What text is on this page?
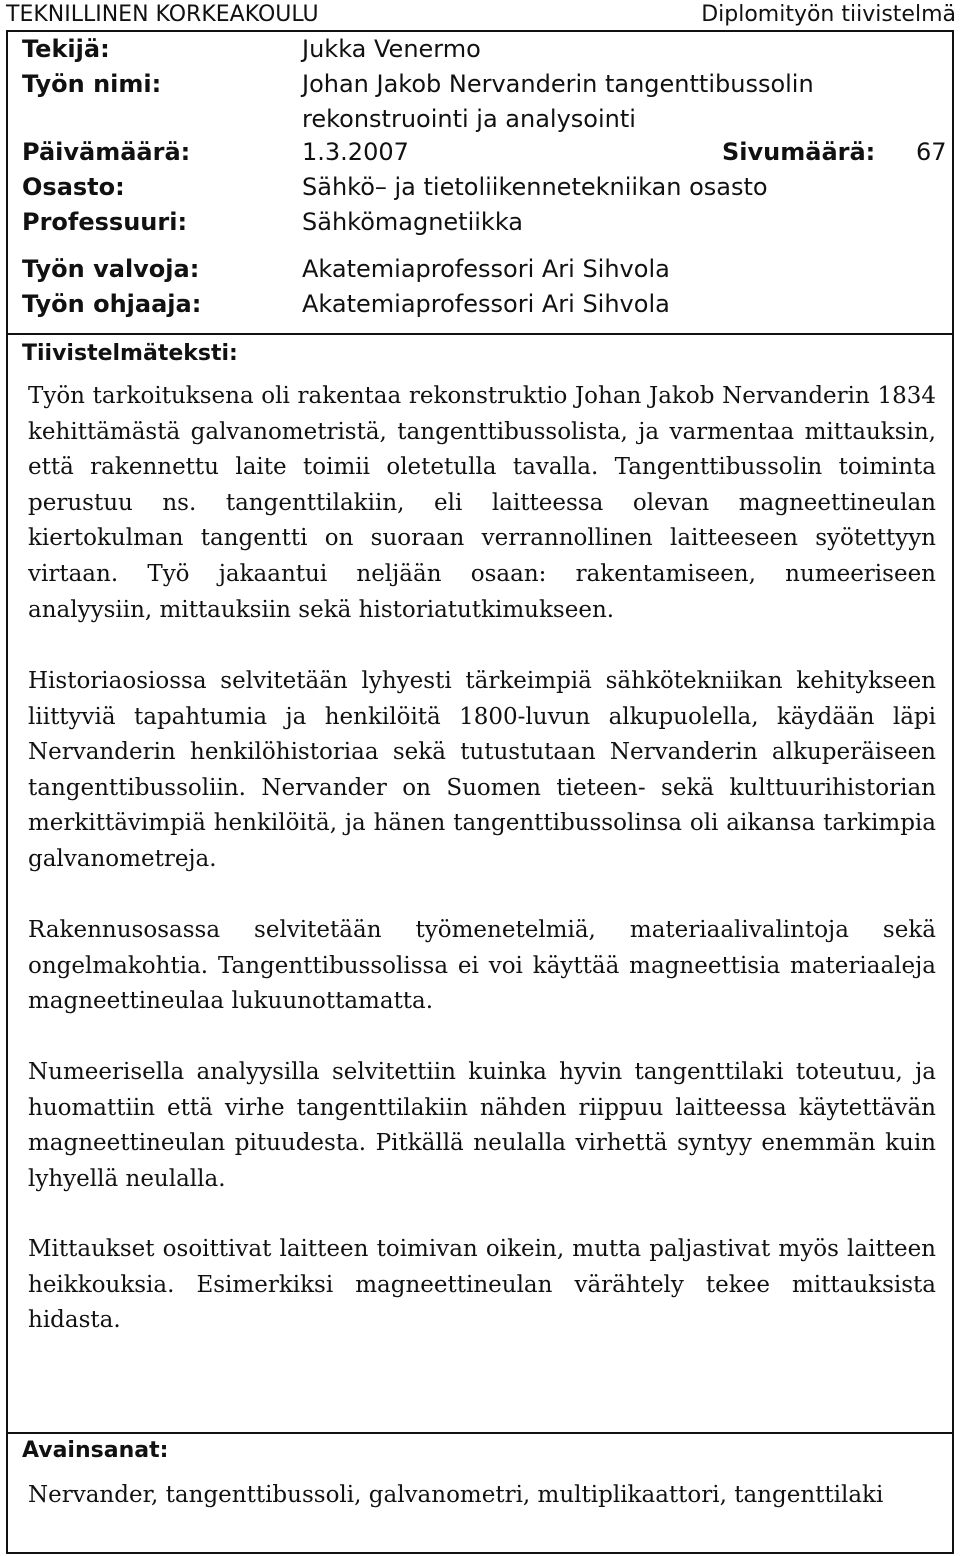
TEKNILLINEN KORKEAKOULU	Diplomityön tiivistelmä
Tekijä:	Jukka Venermo
Työn nimi:	Johan Jakob Nervanderin tangenttibussolin
rekonstruointi ja analysointi
Päivämäärä:	1.3.2007	Sivumäärä: 67
Osasto:	Sähkö– ja tietoliikennetekniikan osasto
Professuuri:	Sähkömagnetiikka
Työn valvoja:	Akatemiaprofessori Ari Sihvola
Työn ohjaaja:	Akatemiaprofessori Ari Sihvola
Tiivistelmäteksti:
Työn tarkoituksena oli rakentaa rekonstruktio Johan Jakob Nervanderin 1834 kehittämästä galvanometristä, tangenttibussolista, ja varmentaa mittauksin, että rakennettu laite toimii oletetulla tavalla. Tangenttibussolin toiminta perustuu ns. tangenttilakiin, eli laitteessa olevan magneettineulan kiertokulman tangentti on suoraan verrannollinen laitteeseen syötettyyn virtaan. Työ jakaantui neljään osaan: rakentamiseen, numeeriseen analyysiin, mittauksiin sekä historiatutkimukseen.
Historiaosiossa selvitetään lyhyesti tärkeimpiä sähkötekniikan kehitykseen liittyviä tapahtumia ja henkilöitä 1800-luvun alkupuolella, käydään läpi Nervanderin henkilöhistoriaa sekä tutustutaan Nervanderin alkuperäiseen tangenttibussoliin. Nervander on Suomen tieteen- sekä kulttuurihistorian merkittävimpiä henkilöitä, ja hänen tangenttibussolinsa oli aikansa tarkimpia galvanometreja.
Rakennusosassa selvitetään työmenetelmiä, materiaalivalintoja sekä ongelmakohtia. Tangenttibussolissa ei voi käyttää magneettisia materiaaleja magneettineulaa lukuunottamatta.
Numeerisella analyysilla selvitettiin kuinka hyvin tangenttilaki toteutuu, ja huomattiin että virhe tangenttilakiin nähden riippuu laitteessa käytettävän magneettineulan pituudesta. Pitkällä neulalla virhettä syntyy enemmän kuin lyhyellä neulalla.
Mittaukset osoittivat laitteen toimivan oikein, mutta paljastivat myös laitteen heikkouksia. Esimerkiksi magneettineulan värähtely tekee mittauksista hidasta.
Avainsanat:
Nervander, tangenttibussoli, galvanometri, multiplikaattori, tangenttilaki
